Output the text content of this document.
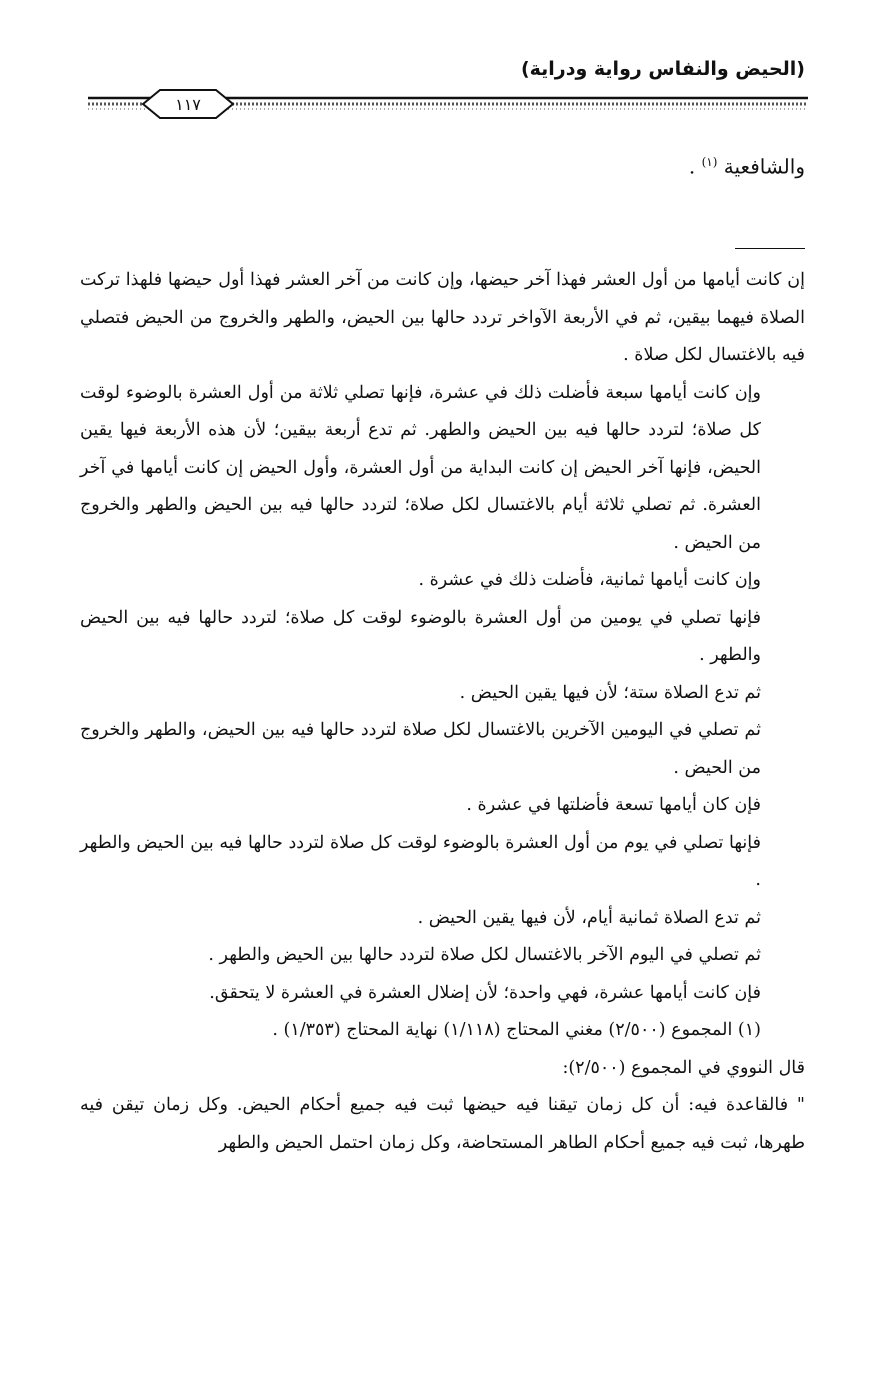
(الحيض والنفاس رواية ودراية)
١١٧

والشافعية $^{(١)}$ .

إن كانت أيامها من أول العشر فهذا آخر حيضها، وإن كانت من آخر العشر فهذا أول حيضها فلهذا تركت الصلاة فيهما بيقين، ثم في الأربعة الآواخر تردد حالها بين الحيض، والطهر والخروج من الحيض فتصلي فيه بالاغتسال لكل صلاة .

وإن كانت أيامها سبعة فأضلت ذلك في عشرة، فإنها تصلي ثلاثة من أول العشرة بالوضوء لوقت كل صلاة؛ لتردد حالها فيه بين الحيض والطهر. ثم تدع أربعة بيقين؛ لأن هذه الأربعة فيها يقين الحيض، فإنها آخر الحيض إن كانت البداية من أول العشرة، وأول الحيض إن كانت أيامها في آخر العشرة. ثم تصلي ثلاثة أيام بالاغتسال لكل صلاة؛ لتردد حالها فيه بين الحيض والطهر والخروج من الحيض .

وإن كانت أيامها ثمانية، فأضلت ذلك في عشرة .

فإنها تصلي في يومين من أول العشرة بالوضوء لوقت كل صلاة؛ لتردد حالها فيه بين الحيض والطهر .

ثم تدع الصلاة ستة؛ لأن فيها يقين الحيض .

ثم تصلي في اليومين الآخرين بالاغتسال لكل صلاة لتردد حالها فيه بين الحيض، والطهر والخروج من الحيض .

فإن كان أيامها تسعة فأضلتها في عشرة .

فإنها تصلي في يوم من أول العشرة بالوضوء لوقت كل صلاة لتردد حالها فيه بين الحيض والطهر .

ثم تدع الصلاة ثمانية أيام، لأن فيها يقين الحيض .

ثم تصلي في اليوم الآخر بالاغتسال لكل صلاة لتردد حالها بين الحيض والطهر .

فإن كانت أيامها عشرة، فهي واحدة؛ لأن إضلال العشرة في العشرة لا يتحقق.

(١) المجموع (٢/٥٠٠) مغني المحتاج (١/١١٨) نهاية المحتاج (١/٣٥٣) .

قال النووي في المجموع (٢/٥٠٠):

" فالقاعدة فيه: أن كل زمان تيقنا فيه حيضها ثبت فيه جميع أحكام الحيض. وكل زمان تيقن فيه طهرها، ثبت فيه جميع أحكام الطاهر المستحاضة، وكل زمان احتمل الحيض والطهر
